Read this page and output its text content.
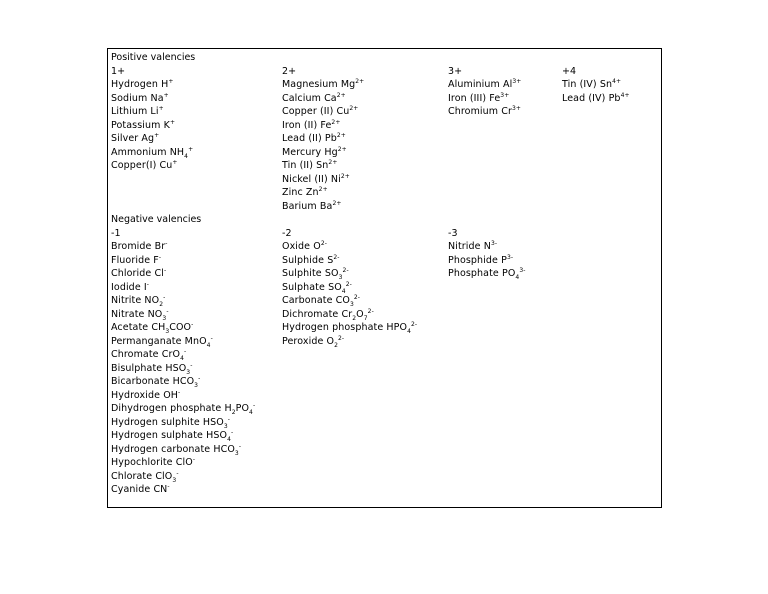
Positive valencies
1+
Hydrogen H+
Sodium Na+
Lithium Li+
Potassium K+
Silver Ag+
Ammonium $NH_4^+$
Copper(I) Cu+
2+
Magnesium $Mg^{2+}$
Calcium $Ca^{2+}$
Copper (II) $Cu^{2+}$
Iron (II) $Fe^{2+}$
Lead (II) $Pb^{2+}$
Mercury $Hg^{2+}$
Tin (II) $Sn^{2+}$
Nickel (II) $Ni^{2+}$
Zinc $Zn^{2+}$
Barium $Ba^{2+}$
3+
Aluminium $Al^{3+}$
Iron (III) $Fe^{3+}$
Chromium $Cr^{3+}$
+4
Tin (IV) $Sn^{4+}$
Lead (IV) $Pb^{4+}$
Negative valencies
-1
Bromide Br-
Fluoride F-
Chloride Cl-
Iodide I-
Nitrite $NO_2^-$
Nitrate $NO_3^-$
Acetate $CH_3COO^-$
Permanganate MnO$_4$-
Chromate CrO$_4$-
Bisulphate $HSO_3^-$
Bicarbonate $HCO_3^-$
Hydroxide OH-
Dihydrogen phosphate $H_2PO_4^-$
Hydrogen sulphite $HSO_3^-$
Hydrogen sulphate $HSO_4^-$
Hydrogen carbonate $HCO_3^-$
Hypochlorite ClO-
Chlorate ClO$_3$-
Cyanide CN-
-2
Oxide $O^{2-}$
Sulphide $S^{2-}$
Sulphite $SO_3^{2-}$
Sulphate $SO_4^{2-}$
Carbonate $CO_3^{2-}$
Dichromate $Cr_2O_7^{2-}$
Hydrogen phosphate $HPO_4^{2-}$
Peroxide $O_2^{2-}$
-3
Nitride $N^{3-}$
Phosphide $P^{3-}$
Phosphate $PO_4^{3-}$
